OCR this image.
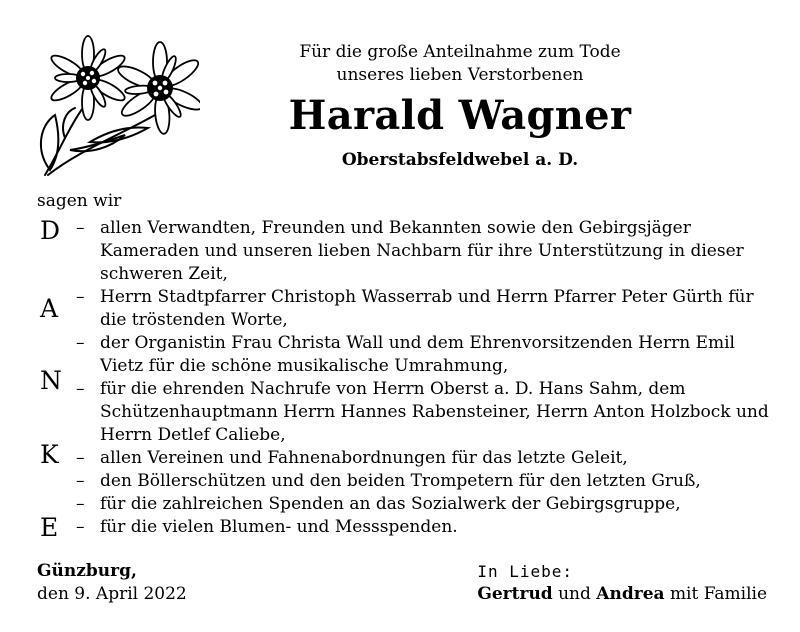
Für die große Anteilnahme zum Tode
unseres lieben Verstorbenen
Harald Wagner
Oberstabsfeldwebel a. D.
sagen wir
D
A
N
K
E
– allen Verwandten, Freunden und Bekannten sowie den Gebirgsjäger Kameraden und unseren lieben Nachbarn für ihre Unterstützung in dieser schweren Zeit,
– Herrn Stadtpfarrer Christoph Wasserrab und Herrn Pfarrer Peter Gürth für die tröstenden Worte,
– der Organistin Frau Christa Wall und dem Ehrenvorsitzenden Herrn Emil Vietz für die schöne musikalische Umrahmung,
– für die ehrenden Nachrufe von Herrn Oberst a. D. Hans Sahm, dem Schützenhauptmann Herrn Hannes Rabensteiner, Herrn Anton Holzbock und Herrn Detlef Caliebe,
– allen Vereinen und Fahnenabordnungen für das letzte Geleit,
– den Böllerschützen und den beiden Trompetern für den letzten Gruß,
– für die zahlreichen Spenden an das Sozialwerk der Gebirgsgruppe,
– für die vielen Blumen- und Messspenden.
Günzburg,
den 9. April 2022
In Liebe:
Gertrud und Andrea mit Familie
